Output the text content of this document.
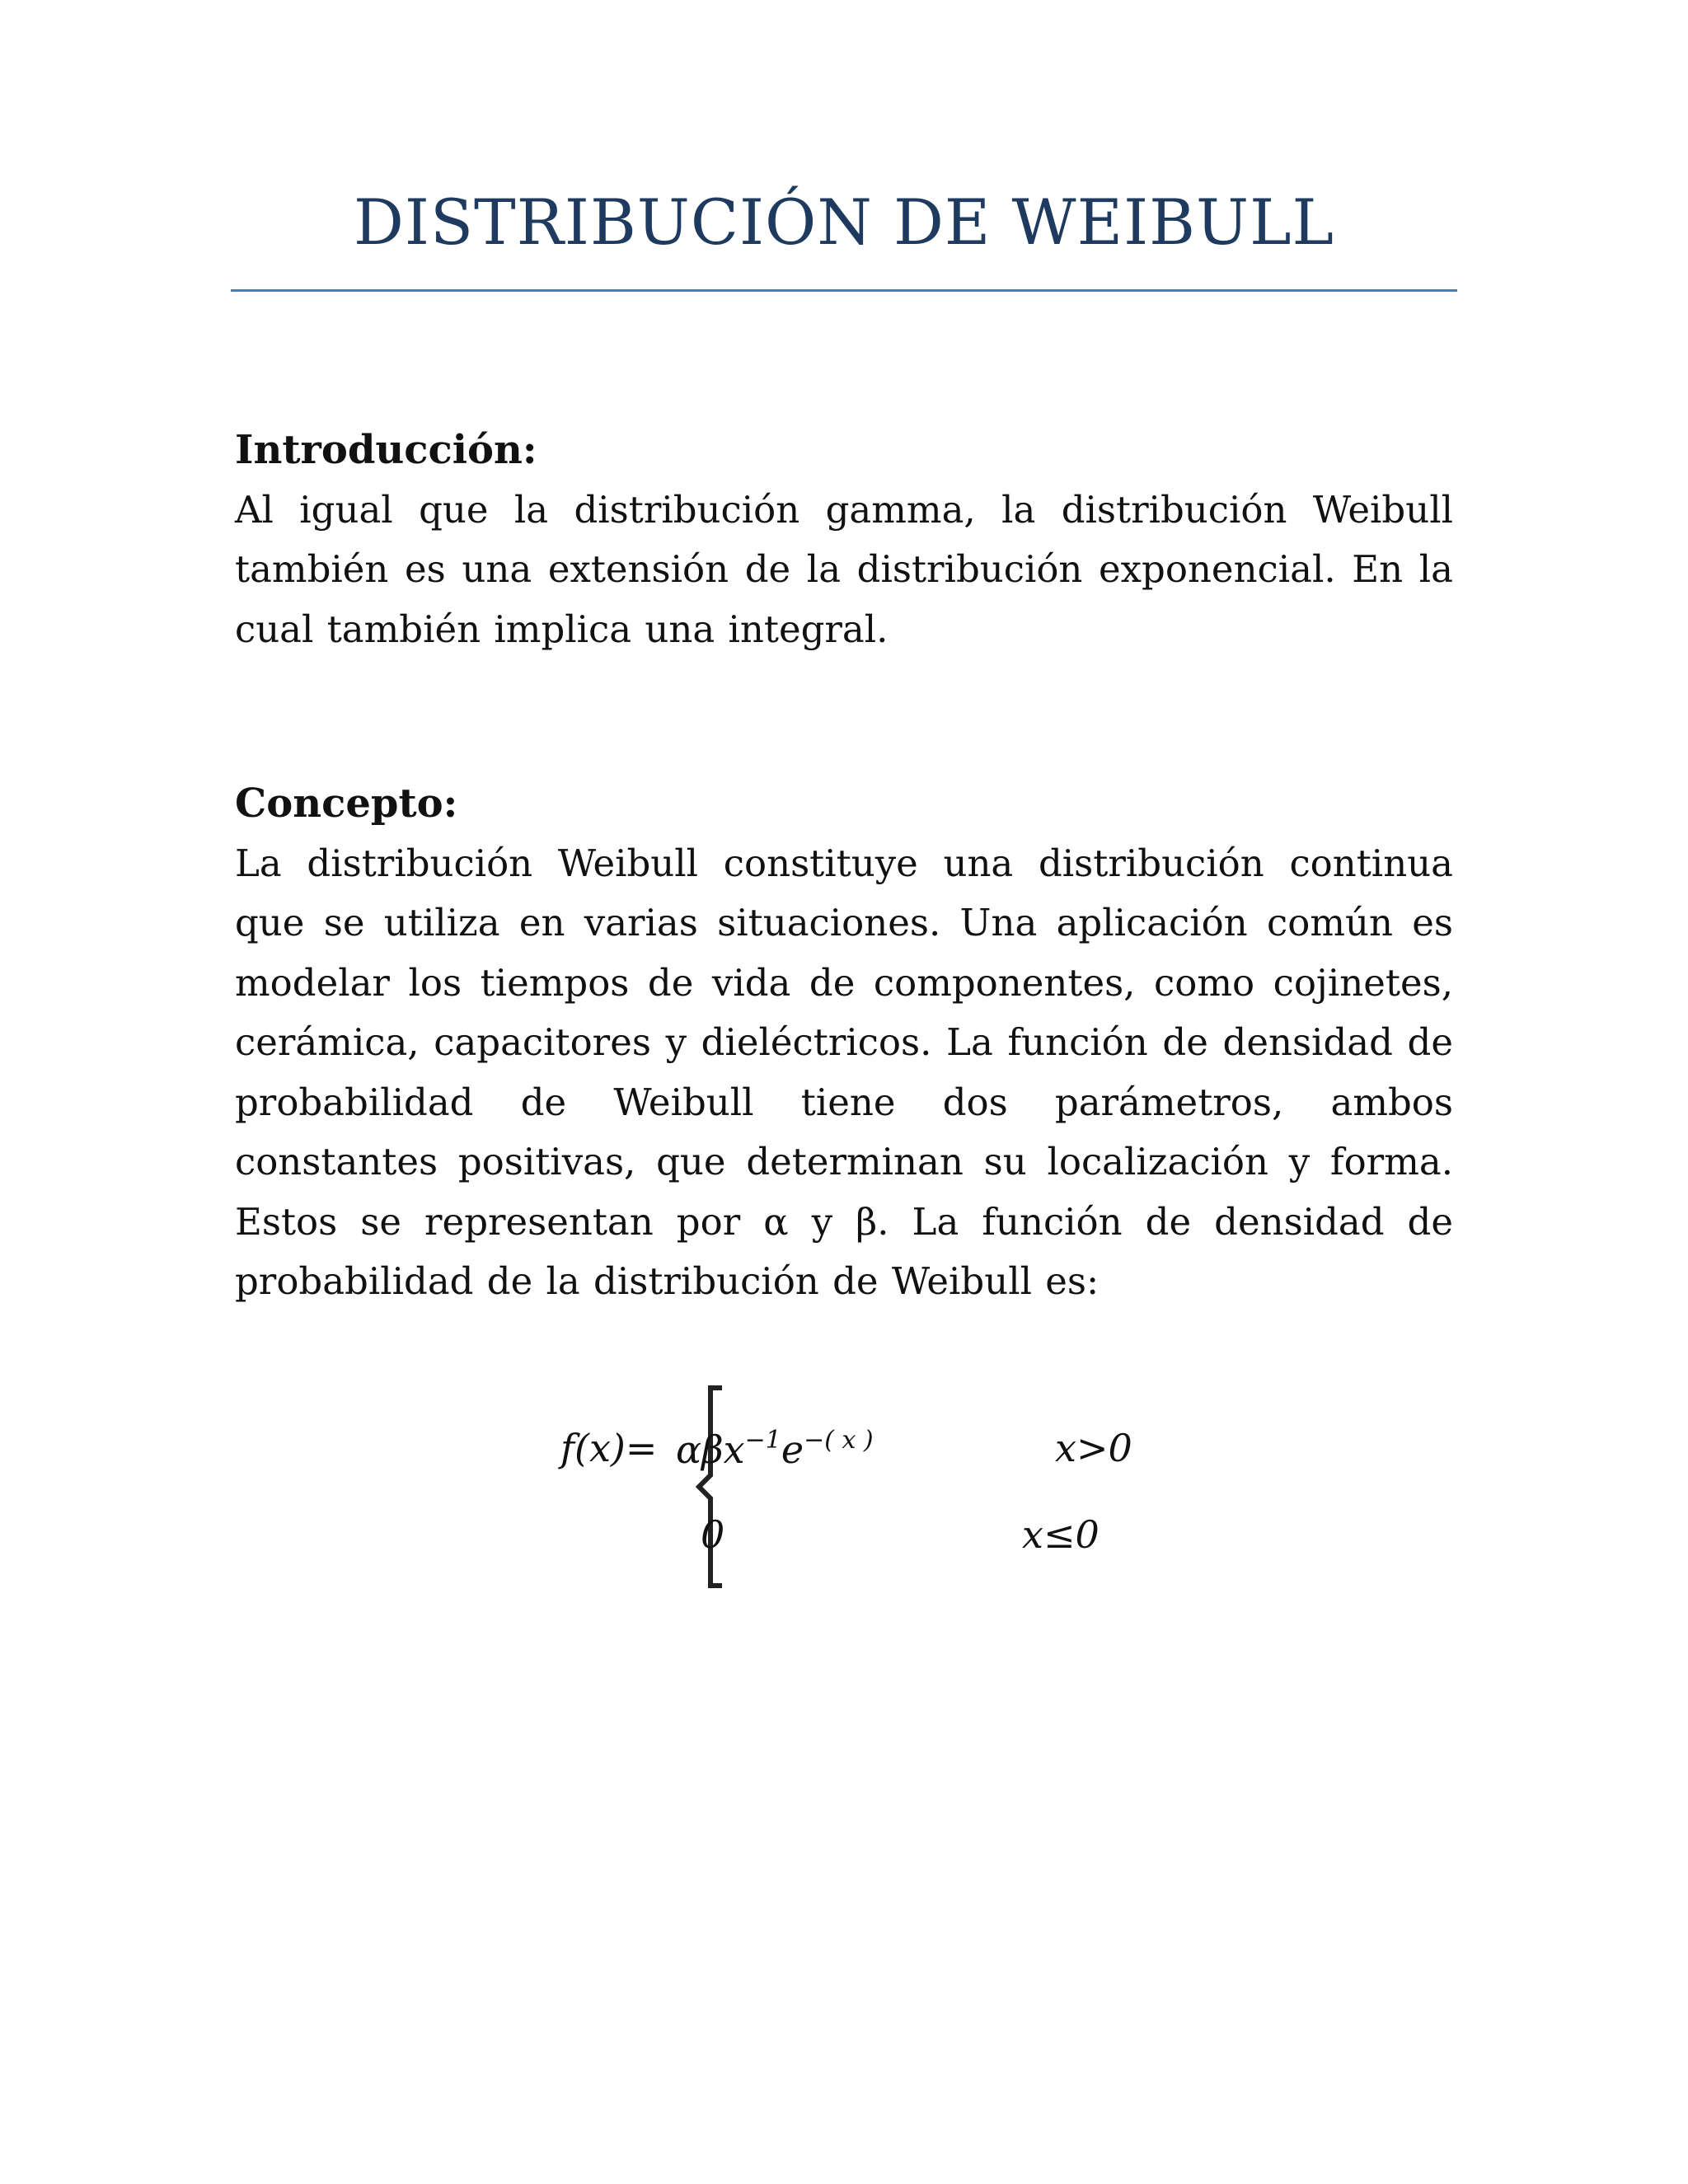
DISTRIBUCIÓN DE WEIBULL
Introducción:
Al igual que la distribución gamma, la distribución Weibull también es una extensión de la distribución exponencial. En la cual también implica una integral.
Concepto:
La distribución Weibull constituye una distribución continua que se utiliza en varias situaciones. Una aplicación común es modelar los tiempos de vida de componentes, como cojinetes, cerámica, capacitores y dieléctricos. La función de densidad de probabilidad de Weibull tiene dos parámetros, ambos constantes positivas, que determinan su localización y forma. Estos se representan por α y β. La función de densidad de probabilidad de la distribución de Weibull es:
$f(x)= \alpha\beta x^{-1}e^{-( x )}$	x>0
0	x≤0
